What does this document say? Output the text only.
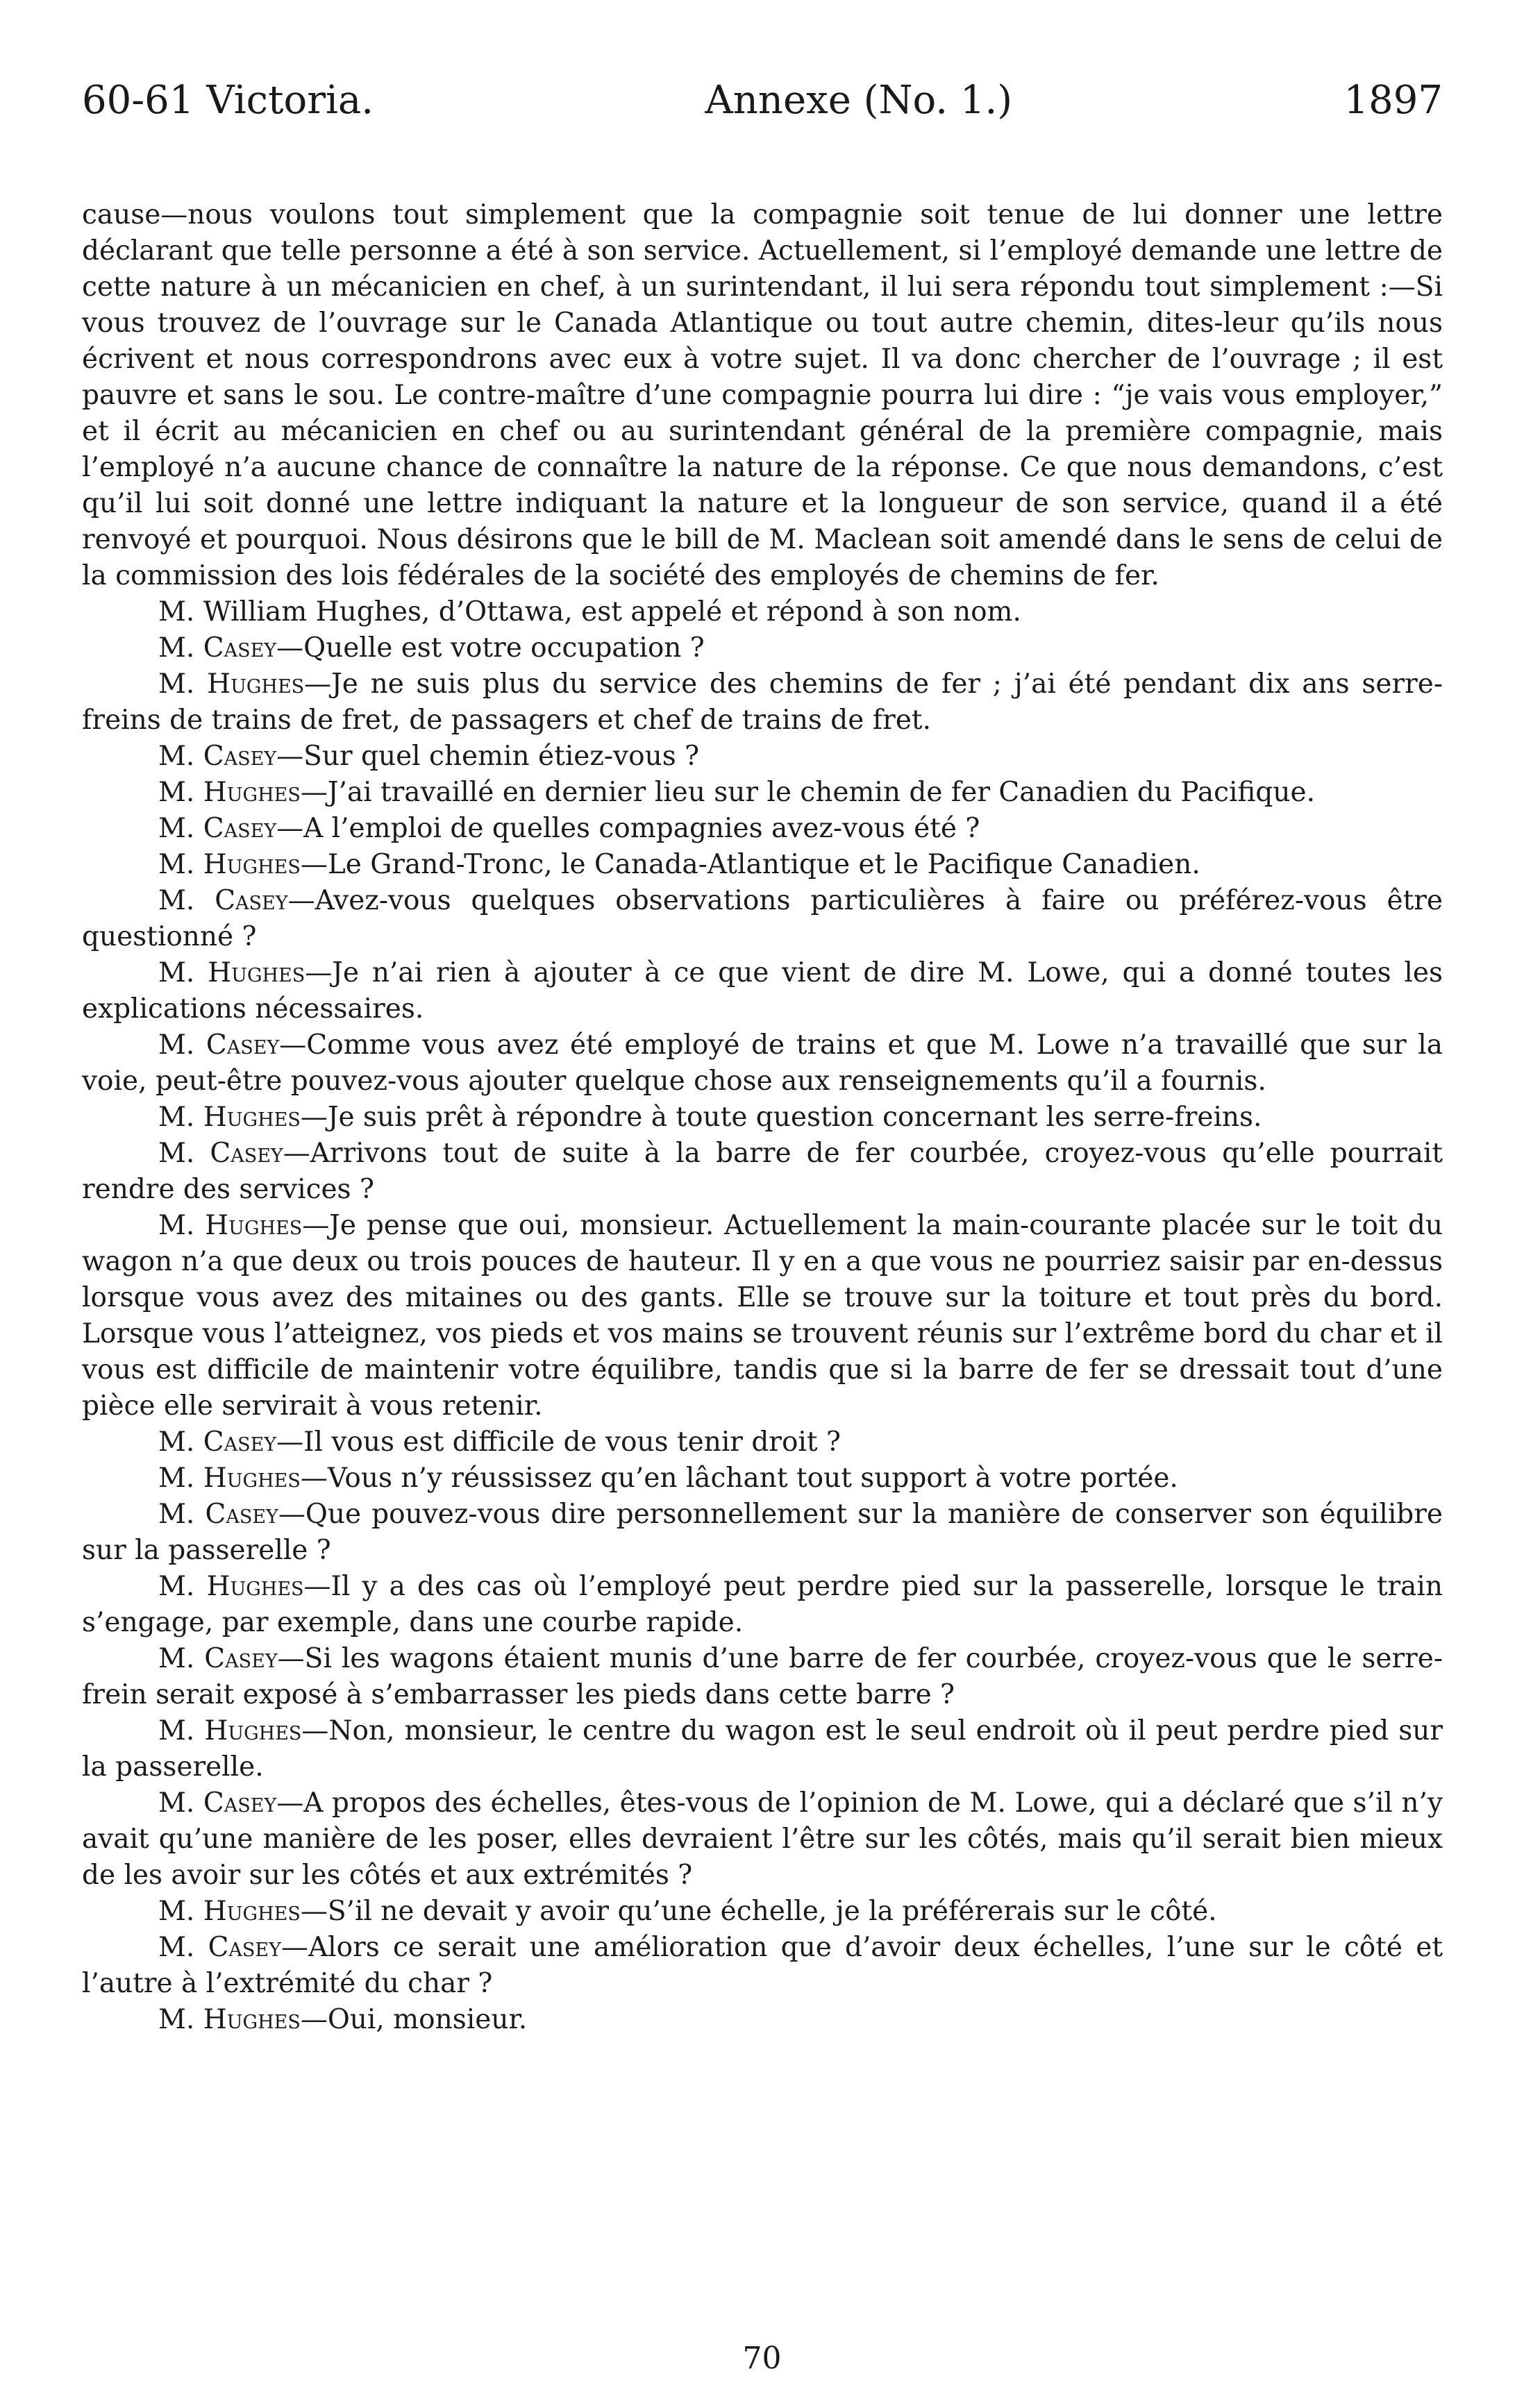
60-61 Victoria.	Annexe (No. 1.)	1897

cause—nous voulons tout simplement que la compagnie soit tenue de lui donner une lettre déclarant que telle personne a été à son service. Actuellement, si l’employé demande une lettre de cette nature à un mécanicien en chef, à un surintendant, il lui sera répondu tout simplement :—Si vous trouvez de l’ouvrage sur le Canada Atlantique ou tout autre chemin, dites-leur qu’ils nous écrivent et nous correspondrons avec eux à votre sujet. Il va donc chercher de l’ouvrage ; il est pauvre et sans le sou. Le contre-maître d’une compagnie pourra lui dire : “je vais vous employer,” et il écrit au mécanicien en chef ou au surintendant général de la première compagnie, mais l’employé n’a aucune chance de connaître la nature de la réponse. Ce que nous demandons, c’est qu’il lui soit donné une lettre indiquant la nature et la longueur de son service, quand il a été renvoyé et pourquoi. Nous désirons que le bill de M. Maclean soit amendé dans le sens de celui de la commission des lois fédérales de la société des employés de chemins de fer.

M. William Hughes, d’Ottawa, est appelé et répond à son nom.

M. Casey—Quelle est votre occupation ?

M. Hughes—Je ne suis plus du service des chemins de fer ; j’ai été pendant dix ans serre-freins de trains de fret, de passagers et chef de trains de fret.

M. Casey—Sur quel chemin étiez-vous ?

M. Hughes—J’ai travaillé en dernier lieu sur le chemin de fer Canadien du Pacifique.

M. Casey—A l’emploi de quelles compagnies avez-vous été ?

M. Hughes—Le Grand-Tronc, le Canada-Atlantique et le Pacifique Canadien.

M. Casey—Avez-vous quelques observations particulières à faire ou préférez-vous être questionné ?

M. Hughes—Je n’ai rien à ajouter à ce que vient de dire M. Lowe, qui a donné toutes les explications nécessaires.

M. Casey—Comme vous avez été employé de trains et que M. Lowe n’a travaillé que sur la voie, peut-être pouvez-vous ajouter quelque chose aux renseignements qu’il a fournis.

M. Hughes—Je suis prêt à répondre à toute question concernant les serre-freins.

M. Casey—Arrivons tout de suite à la barre de fer courbée, croyez-vous qu’elle pourrait rendre des services ?

M. Hughes—Je pense que oui, monsieur. Actuellement la main-courante placée sur le toit du wagon n’a que deux ou trois pouces de hauteur. Il y en a que vous ne pourriez saisir par en-dessus lorsque vous avez des mitaines ou des gants. Elle se trouve sur la toiture et tout près du bord. Lorsque vous l’atteignez, vos pieds et vos mains se trouvent réunis sur l’extrême bord du char et il vous est difficile de maintenir votre équilibre, tandis que si la barre de fer se dressait tout d’une pièce elle servirait à vous retenir.

M. Casey—Il vous est difficile de vous tenir droit ?

M. Hughes—Vous n’y réussissez qu’en lâchant tout support à votre portée.

M. Casey—Que pouvez-vous dire personnellement sur la manière de conserver son équilibre sur la passerelle ?

M. Hughes—Il y a des cas où l’employé peut perdre pied sur la passerelle, lorsque le train s’engage, par exemple, dans une courbe rapide.

M. Casey—Si les wagons étaient munis d’une barre de fer courbée, croyez-vous que le serre-frein serait exposé à s’embarrasser les pieds dans cette barre ?

M. Hughes—Non, monsieur, le centre du wagon est le seul endroit où il peut perdre pied sur la passerelle.

M. Casey—A propos des échelles, êtes-vous de l’opinion de M. Lowe, qui a déclaré que s’il n’y avait qu’une manière de les poser, elles devraient l’être sur les côtés, mais qu’il serait bien mieux de les avoir sur les côtés et aux extrémités ?

M. Hughes—S’il ne devait y avoir qu’une échelle, je la préférerais sur le côté.

M. Casey—Alors ce serait une amélioration que d’avoir deux échelles, l’une sur le côté et l’autre à l’extrémité du char ?

M. Hughes—Oui, monsieur.

70
